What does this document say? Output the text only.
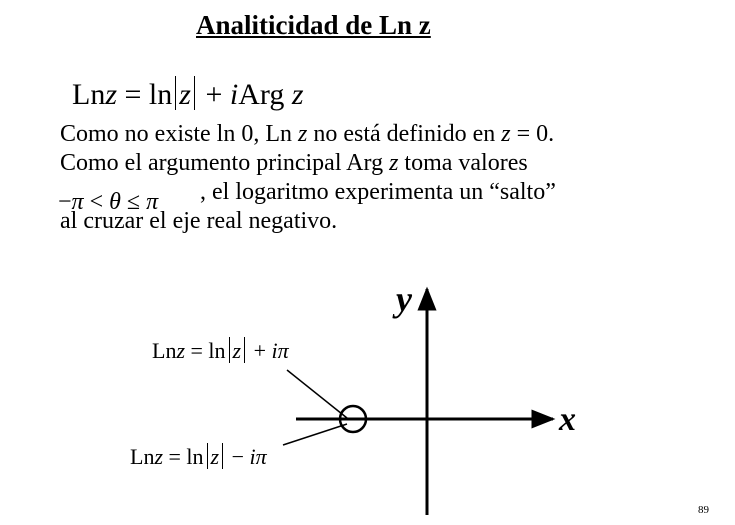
Analiticidad de Ln z
Lnz = ln z + iArg z

Como no existe ln 0, Ln z no está definido en z = 0.

Como el argumento principal Arg z toma valores

, el logaritmo experimenta un “salto”

al cruzar el eje real negativo.

−π < θ ≤ π
x
y
Lnz = ln z + iπ
Lnz = ln z − iπ
89
